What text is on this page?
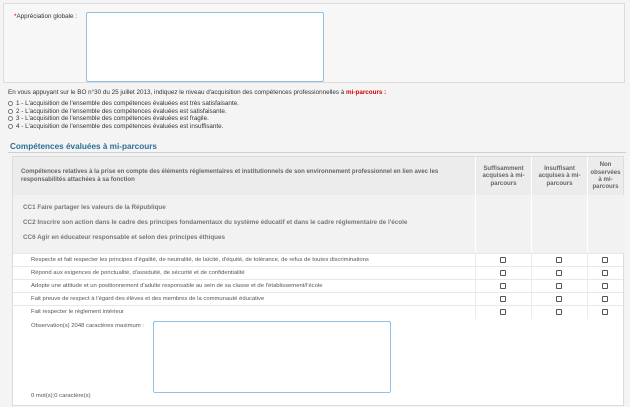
*Appréciation globale :
En vous appuyant sur le BO n°30 du 25 juillet 2013, indiquez le niveau d'acquisition des compétences professionnelles à mi-parcours :
1 - L'acquisition de l'ensemble des compétences évaluées est très satisfaisante.
2 - L'acquisition de l'ensemble des compétences évaluées est satisfaisante.
3 - L'acquisition de l'ensemble des compétences évaluées est fragile.
4 - L'acquisition de l'ensemble des compétences évaluées est insuffisante.
Compétences évaluées à mi-parcours
Compétences relatives à la prise en compte des éléments réglementaires et institutionnels de son environnement professionnel en lien avec les responsabilités attachées à sa fonction
Suffisamment acquises à mi-parcours
Insuffisant acquises à mi-parcours
Non observées à mi-parcours
CC1 Faire partager les valeurs de la République
CC2 Inscrire son action dans le cadre des principes fondamentaux du système éducatif et dans le cadre réglementaire de l'école
CC6 Agir en éducateur responsable et selon des principes éthiques
Respecte et fait respecter les principes d'égalité, de neutralité, de laïcité, d'équité, de tolérance, de refus de toutes discriminations
Répond aux exigences de ponctualité, d'assiduité, de sécurité et de confidentialité
Adopte une attitude et un positionnement d'adulte responsable au sein de sa classe et de l'établissement/l'école
Fait preuve de respect à l'égard des élèves et des membres de la communauté éducative
Fait respecter le règlement intérieur
Observation(s) 2048 caractères maximum :
0 mot(s);0 caractère(s)
